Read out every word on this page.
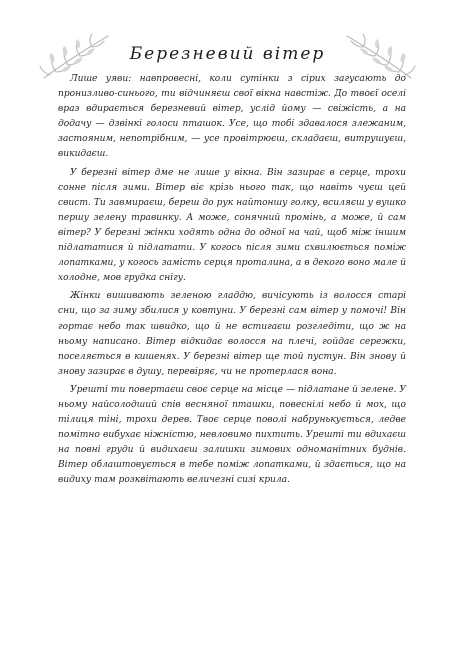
Березневий вітер

Лише уяви: навпровесні, коли сутінки з сірих загусають до пронизливо-синього, ти відчиняєш свої вікна навстіж. До твоєї оселі враз вдирається березневий вітер, услід йому — свіжість, а на додачу — дзвінкі голоси пташок. Усе, що тобі здавалося злежаним, застояним, непотрібним, — усе провітрюєш, складаєш, витрушуєш, викидаєш.

У березні вітер дме не лише у вікна. Він зазирає в серце, трохи сонне після зими. Вітер віє крізь нього так, що навіть чуєш цей свист. Ти завмираєш, береш до рук найтоншу голку, всиляєш у вушко першу зелену травинку. А може, сонячний промінь, а може, й сам вітер? У березні жінки ходять одна до одної на чай, щоб між іншим підлататися й підлатати. У когось після зими схвилюється поміж лопатками, у когось замість серця проталина, а в декого воно мале й холодне, мов грудка снігу.

Жінки вишивають зеленою гладдю, вичісують із волосся старі сни, що за зиму збилися у ковтуни. У березні сам вітер у помочі! Він гортає небо так швидко, що й не встигаєш розгледіти, що ж на ньому написано. Вітер відкидає волосся на плечі, гойдає сережки, поселяється в кишенях. У березні вітер ще той пустун. Він знову й знову зазирає в душу, перевіряє, чи не протерлася вона.

Урешті ти повертаєш своє серце на місце — підлатане й зелене. У ньому найсолодший спів весняної пташки, повеснілі небо й мох, що тілиця тіні, трохи дерев. Твоє серце поволі набрунькується, ледве помітно вибухає ніжністю, невловимо пихтить. Урешті ти вдихаєш на повні груди й видихаєш залишки зимових одноманітних буднів. Вітер облаштовується в тебе поміж лопатками, й здається, що на видиху там розквітають величезні сизі крила.
